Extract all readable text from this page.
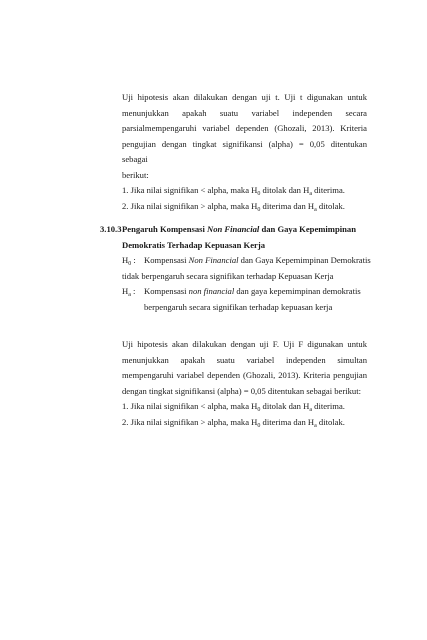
Uji hipotesis akan dilakukan dengan uji t. Uji t digunakan untuk
menunjukkan apakah suatu variabel independen secara
parsialmempengaruhi variabel dependen (Ghozali, 2013). Kriteria
pengujian dengan tingkat signifikansi (alpha) = 0,05 ditentukan sebagai
berikut:
1. Jika nilai signifikan < alpha, maka $H_0$ ditolak dan $H_a$ diterima.
2. Jika nilai signifikan > alpha, maka $H_0$ diterima dan $H_a$ ditolak.
3.10.3Pengaruh Kompensasi Non Financial dan Gaya Kepemimpinan
Demokratis Terhadap Kepuasan Kerja
$H_0$ : Kompensasi Non Financial dan Gaya Kepemimpinan Demokratis
tidak berpengaruh secara signifikan terhadap Kepuasan Kerja
$H_a$ : Kompensasi non financial dan gaya kepemimpinan demokratis
berpengaruh secara signifikan terhadap kepuasan kerja
Uji hipotesis akan dilakukan dengan uji F. Uji F digunakan untuk
menunjukkan apakah suatu variabel independen simultan
mempengaruhi variabel dependen (Ghozali, 2013). Kriteria pengujian
dengan tingkat signifikansi (alpha) = 0,05 ditentukan sebagai berikut:
1. Jika nilai signifikan < alpha, maka $H_0$ ditolak dan $H_a$ diterima.
2. Jika nilai signifikan > alpha, maka $H_0$ diterima dan $H_a$ ditolak.
